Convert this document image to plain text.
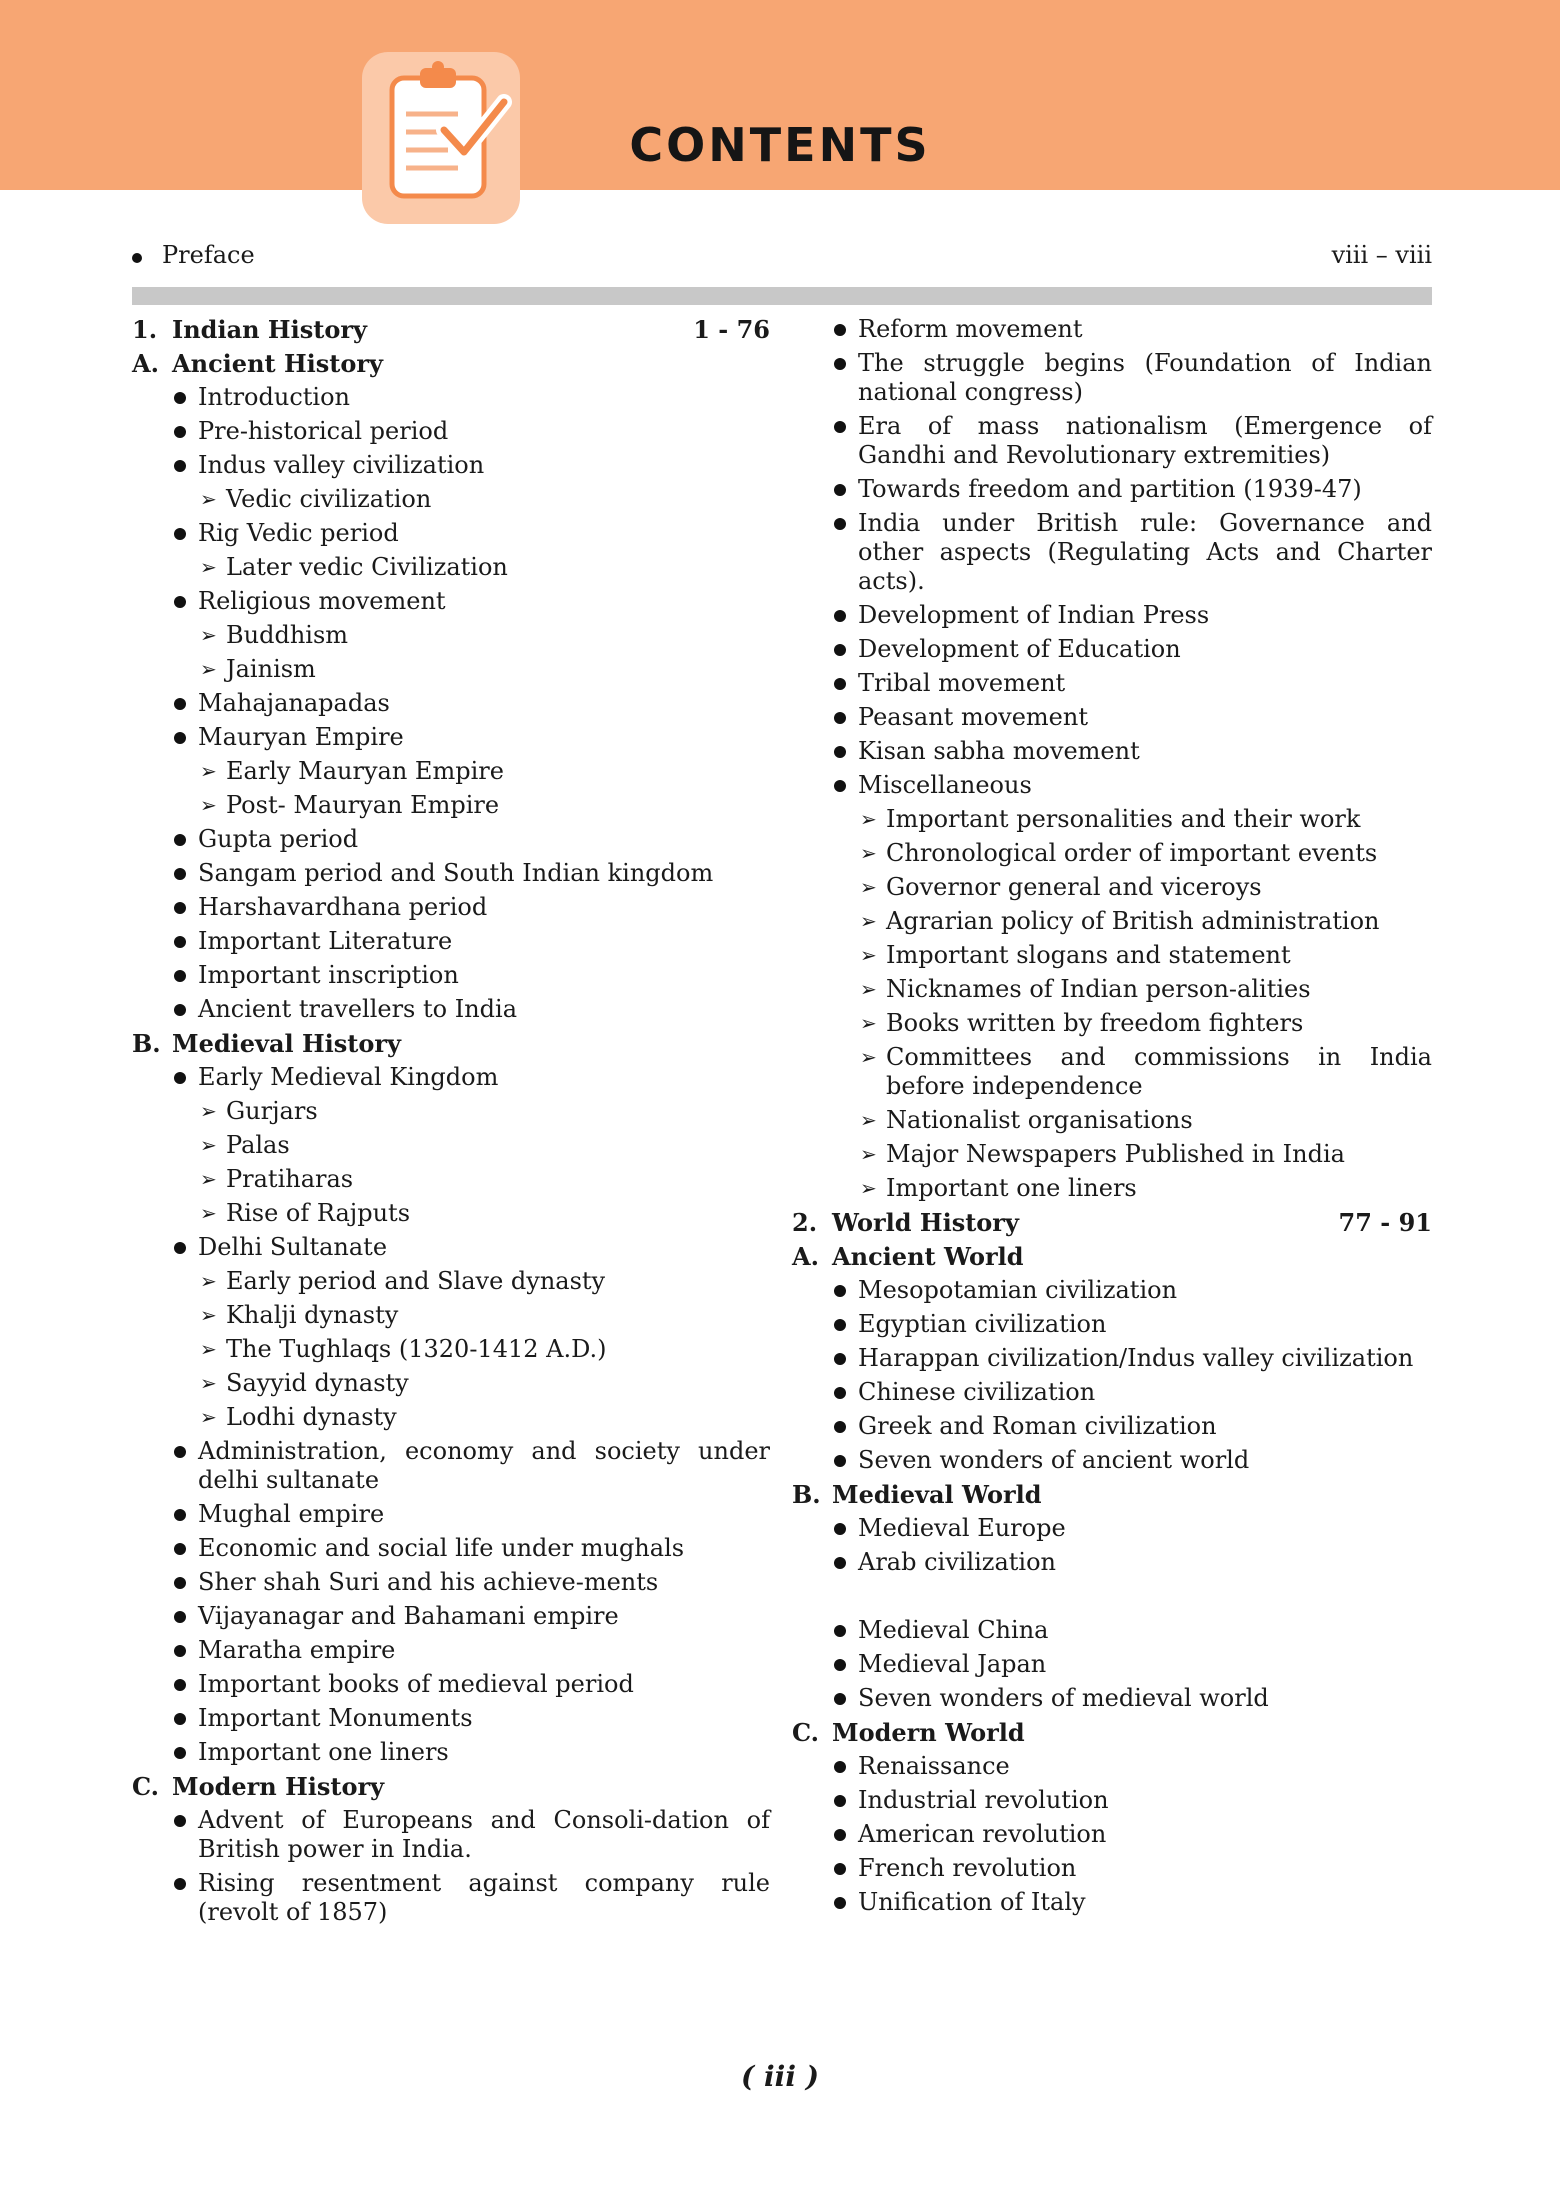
CONTENTS
Preface	viii – viii
1. Indian History	1 - 76
A. Ancient History
Introduction
Pre-historical period
Indus valley civilization
➢ Vedic civilization
Rig Vedic period
➢ Later vedic Civilization
Religious movement
➢ Buddhism
➢ Jainism
Mahajanapadas
Mauryan Empire
➢ Early Mauryan Empire
➢ Post- Mauryan Empire
Gupta period
Sangam period and South Indian kingdom
Harshavardhana period
Important Literature
Important inscription
Ancient travellers to India
B. Medieval History
Early Medieval Kingdom
➢ Gurjars
➢ Palas
➢ Pratiharas
➢ Rise of Rajputs
Delhi Sultanate
➢ Early period and Slave dynasty
➢ Khalji dynasty
➢ The Tughlaqs (1320-1412 A.D.)
➢ Sayyid dynasty
➢ Lodhi dynasty
Administration, economy and society under delhi sultanate
Mughal empire
Economic and social life under mughals
Sher shah Suri and his achieve-ments
Vijayanagar and Bahamani empire
Maratha empire
Important books of medieval period
Important Monuments
Important one liners
C. Modern History
Advent of Europeans and Consoli-dation of British power in India.
Rising resentment against company rule (revolt of 1857)
Reform movement
The struggle begins (Foundation of Indian national congress)
Era of mass nationalism (Emergence of Gandhi and Revolutionary extremities)
Towards freedom and partition (1939-47)
India under British rule: Governance and other aspects (Regulating Acts and Charter acts).
Development of Indian Press
Development of Education
Tribal movement
Peasant movement
Kisan sabha movement
Miscellaneous
➢ Important personalities and their work
➢ Chronological order of important events
➢ Governor general and viceroys
➢ Agrarian policy of British administration
➢ Important slogans and statement
➢ Nicknames of Indian person-alities
➢ Books written by freedom fighters
➢ Committees and commissions in India before independence
➢ Nationalist organisations
➢ Major Newspapers Published in India
➢ Important one liners
2. World History	77 - 91
A. Ancient World
Mesopotamian civilization
Egyptian civilization
Harappan civilization/Indus valley civilization
Chinese civilization
Greek and Roman civilization
Seven wonders of ancient world
B. Medieval World
Medieval Europe
Arab civilization
Medieval China
Medieval Japan
Seven wonders of medieval world
C. Modern World
Renaissance
Industrial revolution
American revolution
French revolution
Unification of Italy
( iii )
